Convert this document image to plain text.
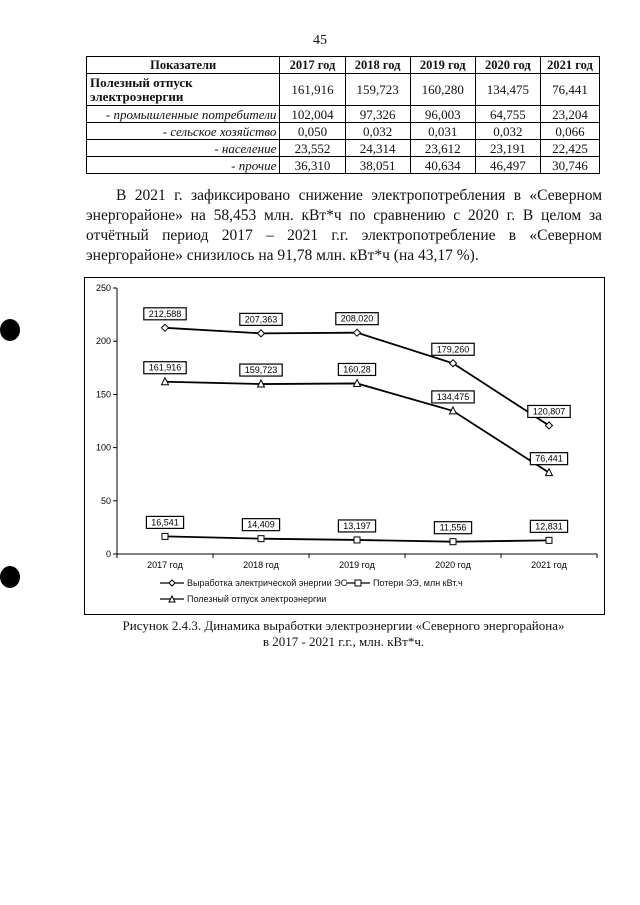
45
Показатели	2017 год	2018 год	2019 год	2020 год	2021 год
Полезный отпуск электроэнергии	161,916	159,723	160,280	134,475	76,441
- промышленные потребители	102,004	97,326	96,003	64,755	23,204
- сельское хозяйство	0,050	0,032	0,031	0,032	0,066
- население	23,552	24,314	23,612	23,191	22,425
- прочие	36,310	38,051	40,634	46,497	30,746

В 2021 г. зафиксировано снижение электропотребления в «Северном энергорайоне» на 58,453 млн. кВт*ч по сравнению с 2020 г. В целом за отчётный период 2017 – 2021 г.г. электропотребление в «Северном энергорайоне» снизилось на 91,78 млн. кВт*ч (на 43,17 %).

0
50
100
150
200
250
2017 год	2018 год	2019 год	2020 год	2021 год
212,588
207,363	208,020
179,260
120,807
16,541	14,409	13,197	11,556	12,831
161,916	159,723	160,28
134,475
76,441
Выработка электрической энергии ЭС	Потери ЭЭ, млн кВт.ч
Полезный отпуск электроэнергии
Рисунок 2.4.3. Динамика выработки электроэнергии «Северного энергорайона»
в 2017 - 2021 г.г., млн. кВт*ч.
